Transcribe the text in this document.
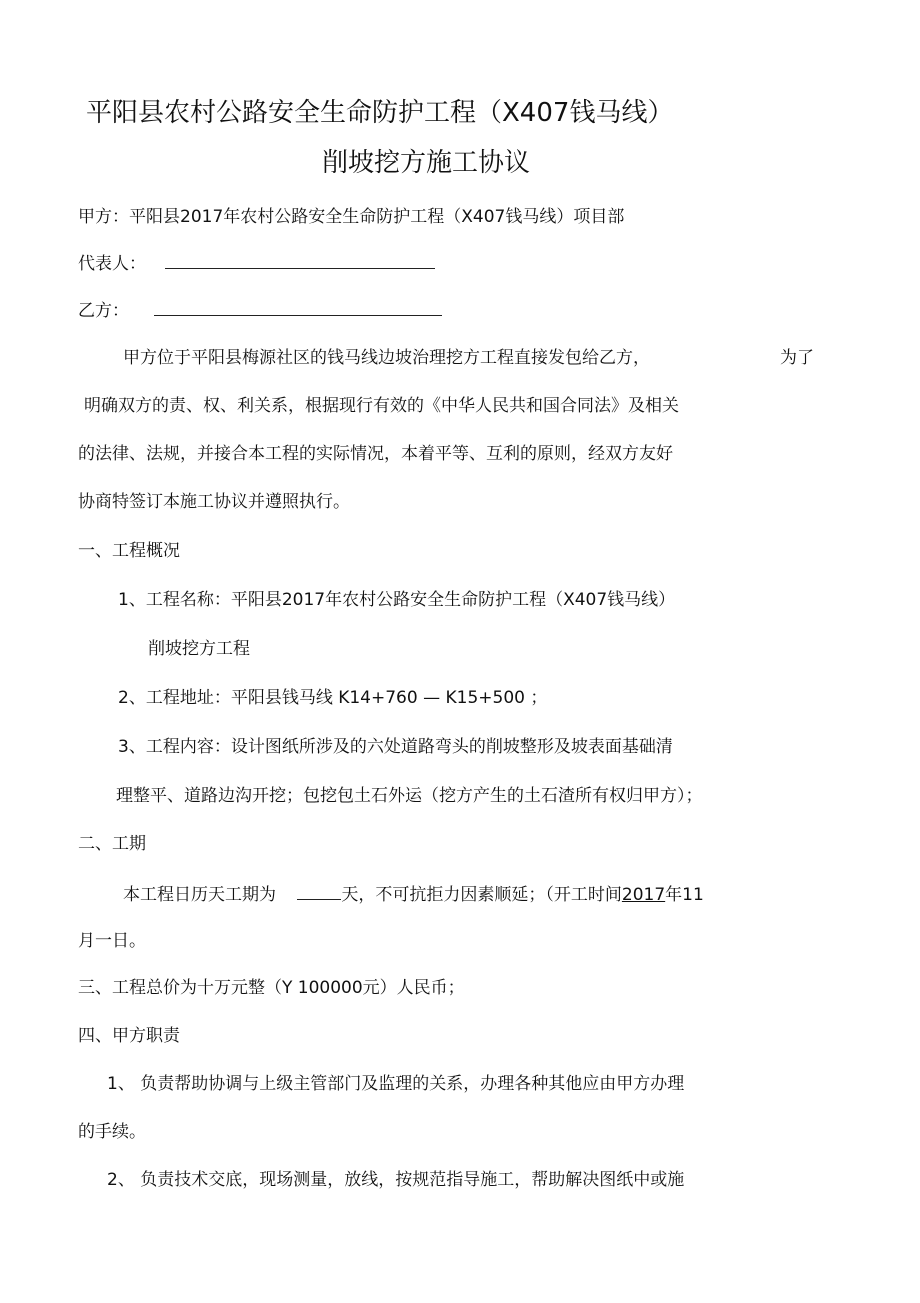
平阳县农村公路安全生命防护工程（X407钱马线）
削坡挖方施工协议
甲方：平阳县2017年农村公路安全生命防护工程（X407钱马线）项目部
代表人：
乙方：
甲方位于平阳县梅源社区的钱马线边坡治理挖方工程直接发包给乙方，	为了
明确双方的责、权、利关系，根据现行有效的《中华人民共和国合同法》及相关
的法律、法规，并接合本工程的实际情况，本着平等、互利的原则，经双方友好
协商特签订本施工协议并遵照执行。
一、工程概况
1、工程名称：平阳县2017年农村公路安全生命防护工程（X407钱马线）
削坡挖方工程
2、工程地址：平阳县钱马线 K14+760 — K15+500 ；
3、工程内容：设计图纸所涉及的六处道路弯头的削坡整形及坡表面基础清
理整平、道路边沟开挖；包挖包土石外运（挖方产生的土石渣所有权归甲方）；
二、工期
本工程日历天工期为	天，不可抗拒力因素顺延；（开工时间2017年11
月一日。
三、工程总价为十万元整（Y 100000元）人民币；
四、甲方职责
1、 负责帮助协调与上级主管部门及监理的关系，办理各种其他应由甲方办理
的手续。
2、 负责技术交底，现场测量，放线，按规范指导施工，帮助解决图纸中或施
